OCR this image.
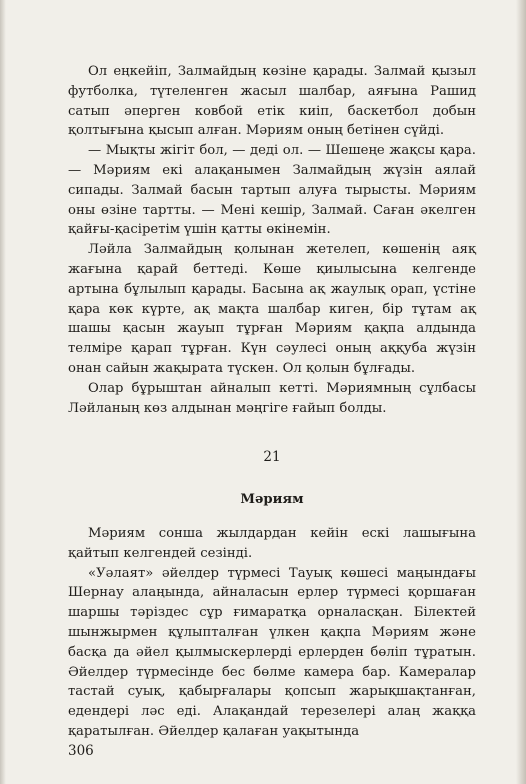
Ол еңкейіп, Залмайдың көзіне қарады. Залмай қызыл футболка, түтеленген жасыл шалбар, аяғына Рашид сатып әперген ковбой етік киіп, баскетбол добын қолтығына қысып алған. Мәриям оның бетінен сүйді.

— Мықты жігіт бол, — деді ол. — Шешеңе жақсы қара. — Мәриям екі алақанымен Залмайдың жүзін аялай сипады. Залмай басын тартып алуға тырысты. Мәриям оны өзіне тартты. — Мені кешір, Залмай. Саған әкелген қайғы-қасіретім үшін қатты өкінемін.

Ләйла Залмайдың қолынан жетелеп, көшенің аяқ жағына қарай беттеді. Көше қиылысына келгенде артына бұлылып қарады. Басына ақ жаулық орап, үстіне қара көк күрте, ақ мақта шалбар киген, бір тұтам ақ шашы қасын жауып тұрған Мәриям қақпа алдында телміре қарап тұрған. Күн сәулесі оның аққуба жүзін онан сайын жақырата түскен. Ол қолын бұлғады.

Олар бұрыштан айналып кетті. Мәриямның сұлбасы Ләйланың көз алдынан мәңгіге ғайып болды.

21
Мәриям

Мәриям сонша жылдардан кейін ескі лашығына қайтып келгендей сезінді.

«Уәлаят» әйелдер түрмесі Тауық көшесі маңындағы Шернау алаңында, айналасын ерлер түрмесі қоршаған шаршы тәріздес сұр ғимаратқа орналасқан. Білектей шынжырмен құлыпталған үлкен қақпа Мәриям және басқа да әйел қылмыскерлерді ерлерден бөліп тұратын. Әйелдер түрмесінде бес бөлме камера бар. Камералар тастай суық, қабырғалары қопсып жарықшақтанған, едендері ләс еді. Алақандай терезелері алаң жаққа қаратылған. Әйелдер қалаған уақытында

306
